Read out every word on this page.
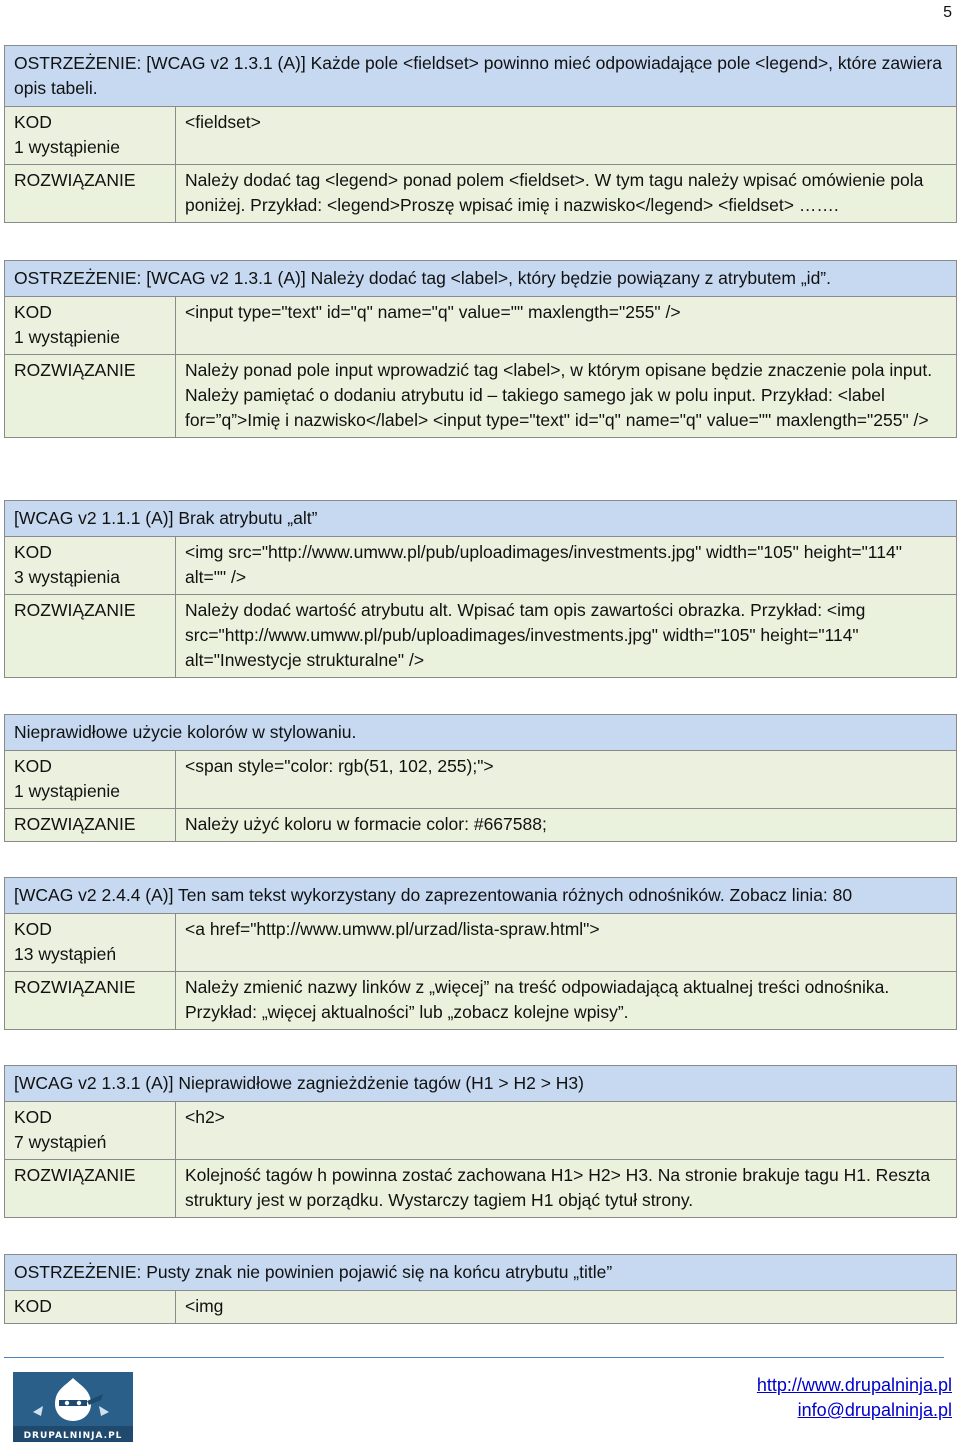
5
OSTRZEŻENIE: [WCAG v2 1.3.1 (A)] Każde pole <fieldset> powinno mieć odpowiadające pole <legend>, które zawiera opis tabeli.	

KOD
1 wystąpienie	<fieldset>
ROZWIĄZANIE	Należy dodać tag <legend> ponad polem <fieldset>. W tym tagu należy wpisać omówienie pola poniżej. Przykład: <legend>Proszę wpisać imię i nazwisko</legend> <fieldset> …….
OSTRZEŻENIE: [WCAG v2 1.3.1 (A)] Należy dodać tag <label>, który będzie powiązany z atrybutem „id”.	

KOD
1 wystąpienie	<input type="text" id="q" name="q" value="" maxlength="255" />
ROZWIĄZANIE	Należy ponad pole input wprowadzić tag <label>, w którym opisane będzie znaczenie pola input. Należy pamiętać o dodaniu atrybutu id – takiego samego jak w polu input. Przykład: <label for=”q”>Imię i nazwisko</label> <input type="text" id="q" name="q" value="" maxlength="255" />
[WCAG v2 1.1.1 (A)] Brak atrybutu „alt”	

KOD
3 wystąpienia	<img src="http://www.umww.pl/pub/uploadimages/investments.jpg" width="105" height="114" alt="" />
ROZWIĄZANIE	Należy dodać wartość atrybutu alt. Wpisać tam opis zawartości obrazka. Przykład: <img src="http://www.umww.pl/pub/uploadimages/investments.jpg" width="105" height="114" alt="Inwestycje strukturalne" />
Nieprawidłowe użycie kolorów w stylowaniu.	

KOD
1 wystąpienie	<span style="color: rgb(51, 102, 255);">
ROZWIĄZANIE	Należy użyć koloru w formacie color: #667588;
[WCAG v2 2.4.4 (A)] Ten sam tekst wykorzystany do zaprezentowania różnych odnośników. Zobacz linia: 80	

KOD
13 wystąpień	<a href="http://www.umww.pl/urzad/lista-spraw.html">
ROZWIĄZANIE	Należy zmienić nazwy linków z „więcej” na treść odpowiadającą aktualnej treści odnośnika. Przykład: „więcej aktualności” lub „zobacz kolejne wpisy”.
[WCAG v2 1.3.1 (A)] Nieprawidłowe zagnieżdżenie tagów (H1 > H2 > H3)	

KOD
7 wystąpień	<h2>
ROZWIĄZANIE	Kolejność tagów h powinna zostać zachowana H1> H2> H3. Na stronie brakuje tagu H1. Reszta struktury jest w porządku. Wystarczy tagiem H1 objąć tytuł strony.
OSTRZEŻENIE: Pusty znak nie powinien pojawić się na końcu atrybutu „title”
KOD	<img
DRUPALNINJA.PL
http://www.drupalninja.pl
info@drupalninja.pl
